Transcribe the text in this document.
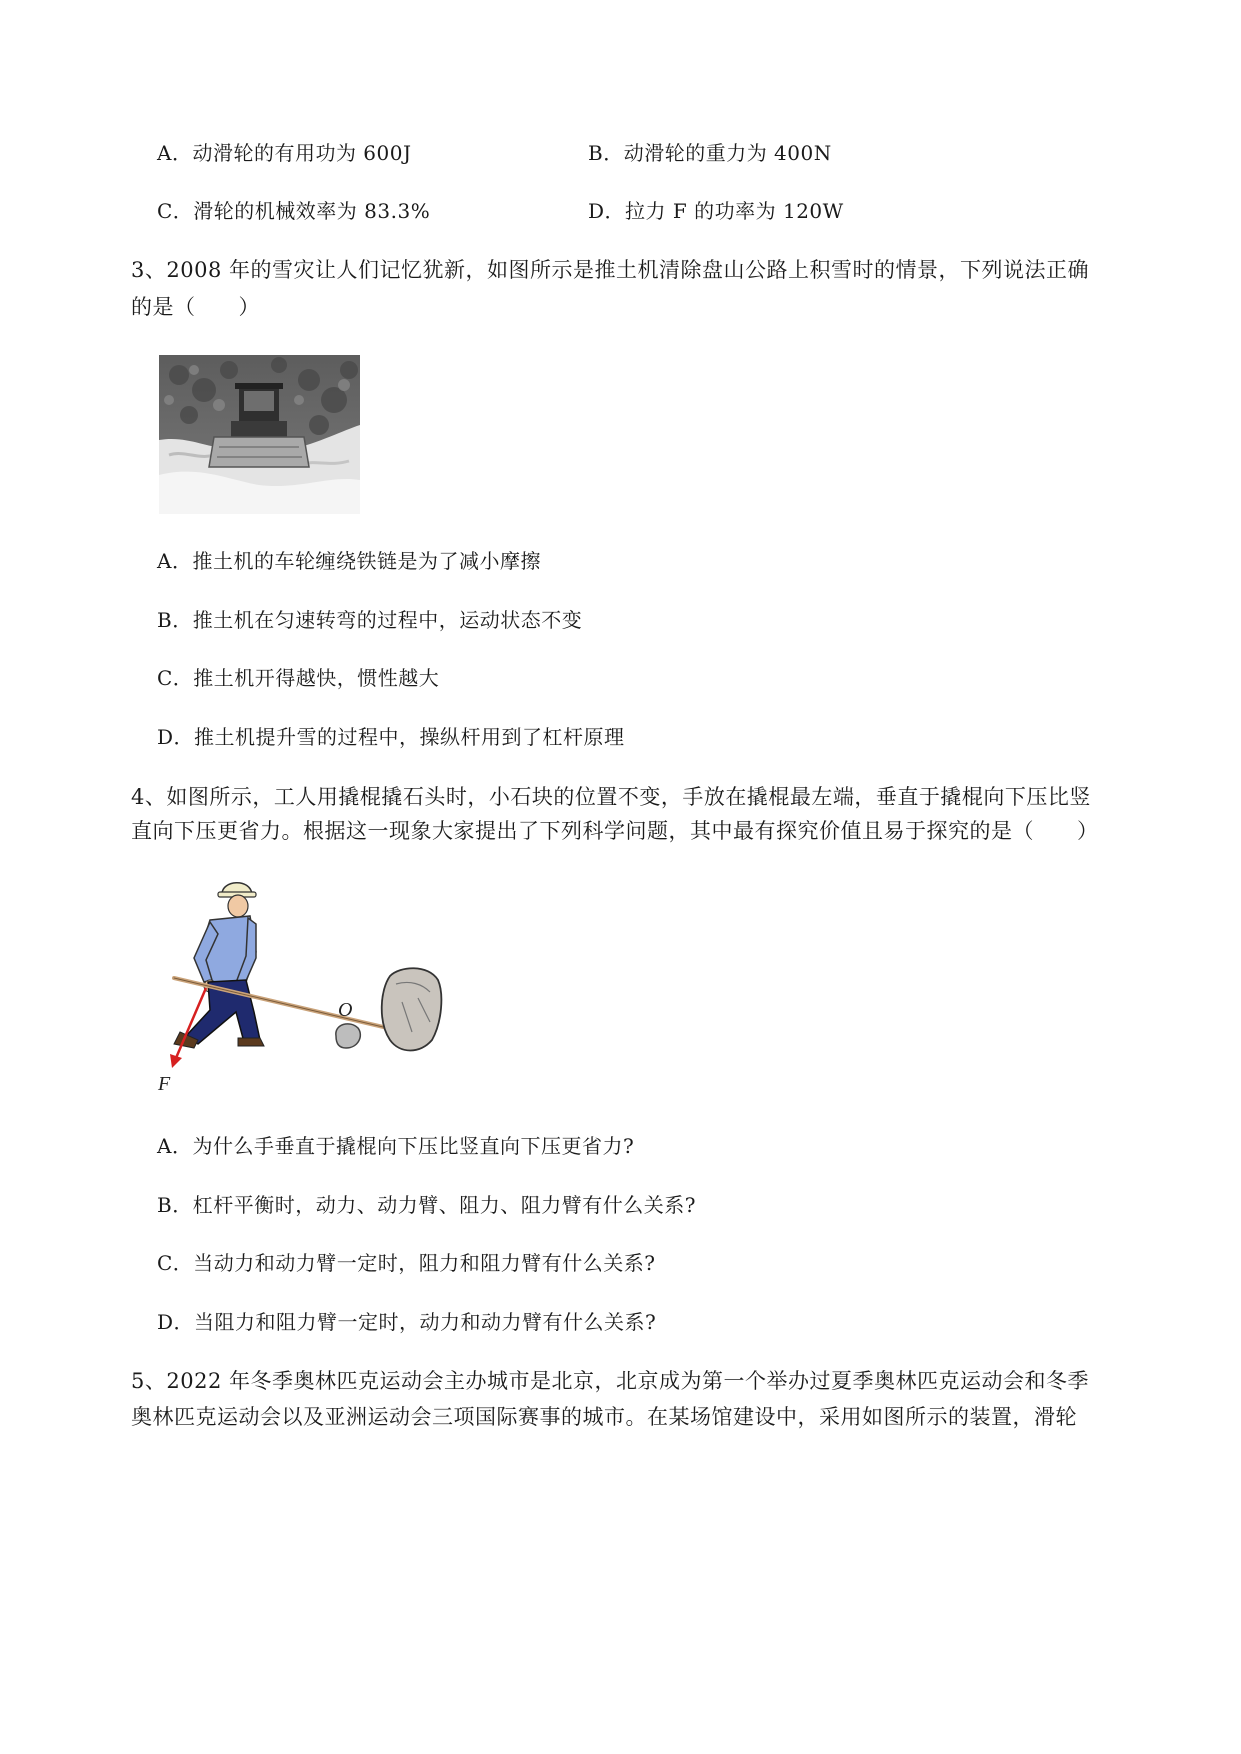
A．动滑轮的有用功为 600J	B．动滑轮的重力为 400N
C．滑轮的机械效率为 83.3%	D．拉力 F 的功率为 120W
3、2008 年的雪灾让人们记忆犹新，如图所示是推土机清除盘山公路上积雪时的情景，下列说法正确
的是（　　）
A．推土机的车轮缠绕铁链是为了减小摩擦
B．推土机在匀速转弯的过程中，运动状态不变
C．推土机开得越快，惯性越大
D．推土机提升雪的过程中，操纵杆用到了杠杆原理
4、如图所示，工人用撬棍撬石头时，小石块的位置不变，手放在撬棍最左端，垂直于撬棍向下压比竖
直向下压更省力。根据这一现象大家提出了下列科学问题，其中最有探究价值且易于探究的是（　　）
O
F
A．为什么手垂直于撬棍向下压比竖直向下压更省力?
B．杠杆平衡时，动力、动力臂、阻力、阻力臂有什么关系?
C．当动力和动力臂一定时，阻力和阻力臂有什么关系?
D．当阻力和阻力臂一定时，动力和动力臂有什么关系?
5、2022 年冬季奥林匹克运动会主办城市是北京，北京成为第一个举办过夏季奥林匹克运动会和冬季
奥林匹克运动会以及亚洲运动会三项国际赛事的城市。在某场馆建设中，采用如图所示的装置，滑轮
